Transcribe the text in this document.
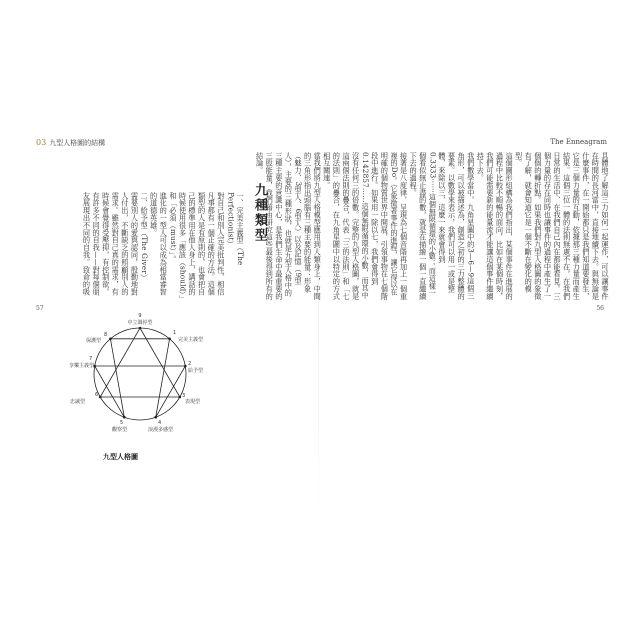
03 九型人格圖的結構	The Enneagram
具體地了解這三力如何一起運作，可以讓事件在時間的長河當中，直接地續下去。與無論是什麼事件，在一開始都只是我們知道要發生，它是三個力量的互動，依據那三種力量而產生結果。這個三位一體的法則無處不在，在我們日常的生活中、在我們自己內在都能看見。三個力量的存在同時也讓事件的過程中產生了一個個的轉折點。如果我們對九型人格圖的象徵有了解，就會知道它是一個不斷在變化的模型。
這個圖形組構為我們指出，某個事件在進展的過程中比較不順暢的面向，比如在某個時刻，我們可能需要新的能量流才能讓這個事件繼續持下去。
我們數學當中，九角星圖中的3—6—9這個三角形，可以被描述為，創造之初的三力整體的要素。以數學來表示，我們可以用一或是整體，來除以三，這麼一來就會得到0.3333⋯⋯這個無限循環的小數；而這樣一個看似無止盡的數，就是在描繪一個一直繼續下去的過程。
接著是八度律，呈現為七個音階再加上一個重複的Do。它象徵著事件的進程，讓它得以在明確的個物質世界中開展，引領事物在七個階段中進行。如果用一除以七，我們會得到0.142857……這個無限循環的小數，而其中沒有任何三的倍數。完整的九型人格圖，就是這兩個法則的疊合，代表「三的法則」和「七的法則」的疊合，在九角星圖中以特定的方式相互關連。
當我們將九型人格模型應用到人類身上，中間的三角形指出頭腦有三種主要的能量：形象（魅力、3型人、6型人）以及記憶（9型人），主要的三種形狀，也就是九型人格中的三種主要的意識中心，是我們生命中最重要的三股能量，我們藉由研究這些最後得到所有的結論。
九種類型
一、完美主義型（The Perfectionist）
對自己和別人完美批判性，相信凡事都有一個正確的方法。這個類型的人是有原則的，也會把自己的標準用在他人身上，講話的時候使用很多「應該（should）」和「必須（must）」。
進化的一型人可以成為相當睿智的道德英雄。
二、給予型（The Giver）
需要別人的愛與認同，殷勤地對人付出，不斷缺乏的照顧別人的需求。雖然對自己真的需求，有時候會覺得受壓抑，有控制欲，有許多不同的自我——對每個朋友展現出不同的自我。致命的吸
9
中立調停型
1
完美主義型
2
給予型
3
表現型
4
浪漫多感型
5
觀察型
6
忠誠型
7
享樂主義型
8
保護型
九型人格圖
57	56
